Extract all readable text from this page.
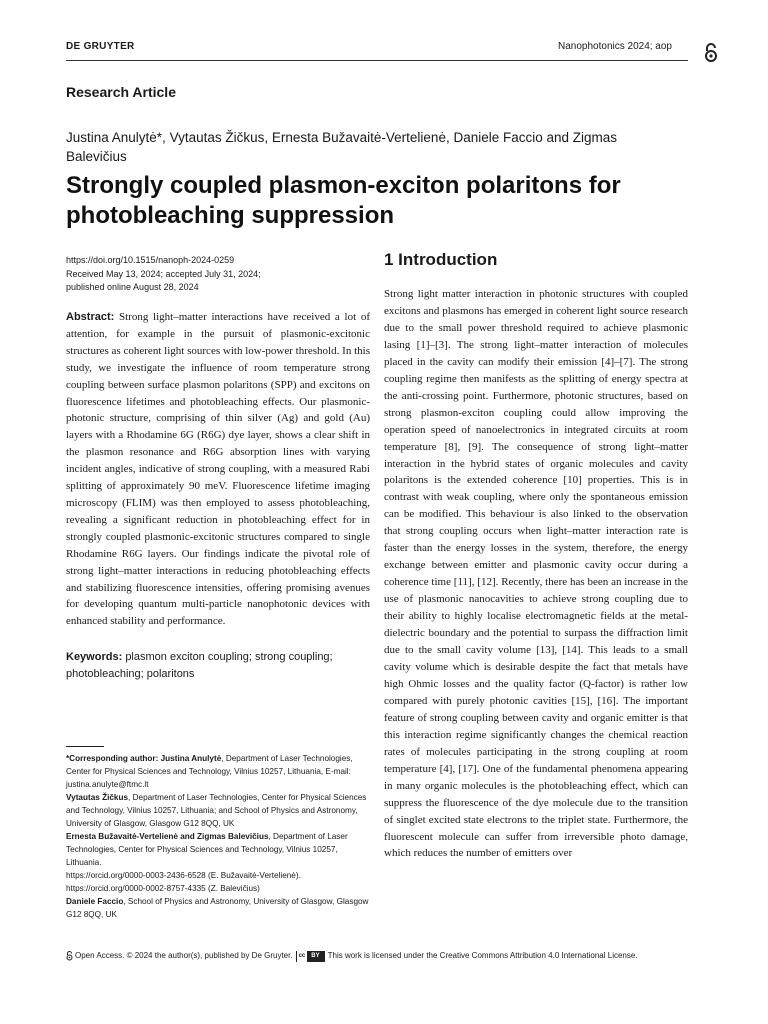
DE GRUYTER	Nanophotonics 2024; aop
Research Article
Justina Anulytė*, Vytautas Žičkus, Ernesta Bužavaitė-Vertelienė, Daniele Faccio and Zigmas Balevičius
Strongly coupled plasmon-exciton polaritons for photobleaching suppression
https://doi.org/10.1515/nanoph-2024-0259
Received May 13, 2024; accepted July 31, 2024;
published online August 28, 2024

Abstract: Strong light–matter interactions have received a lot of attention, for example in the pursuit of plasmonic-excitonic structures as coherent light sources with low-power threshold. In this study, we investigate the influence of room temperature strong coupling between surface plasmon polaritons (SPP) and excitons on fluorescence lifetimes and photobleaching effects. Our plasmonic-photonic structure, comprising of thin silver (Ag) and gold (Au) layers with a Rhodamine 6G (R6G) dye layer, shows a clear shift in the plasmon resonance and R6G absorption lines with varying incident angles, indicative of strong coupling, with a measured Rabi splitting of approximately 90 meV. Fluorescence lifetime imaging microscopy (FLIM) was then employed to assess photobleaching, revealing a significant reduction in photobleaching effect for in strongly coupled plasmonic-excitonic structures compared to single Rhodamine R6G layers. Our findings indicate the pivotal role of strong light–matter interactions in reducing photobleaching effects and stabilizing fluorescence intensities, offering promising avenues for developing quantum multi-particle nanophotonic devices with enhanced stability and performance.

Keywords: plasmon exciton coupling; strong coupling; photobleaching; polaritons

*Corresponding author: Justina Anulytė, Department of Laser Technologies, Center for Physical Sciences and Technology, Vilnius 10257, Lithuania, E-mail: justina.anulyte@ftmc.lt

Vytautas Žičkus, Department of Laser Technologies, Center for Physical Sciences and Technology, Vilnius 10257, Lithuania; and School of Physics and Astronomy, University of Glasgow, Glasgow G12 8QQ, UK

Ernesta Bužavaitė-Vertelienė and Zigmas Balevičius, Department of Laser Technologies, Center for Physical Sciences and Technology, Vilnius 10257, Lithuania.

https://orcid.org/0000-0003-2436-6528 (E. Bužavaitė-Vertelienė).

https://orcid.org/0000-0002-8757-4335 (Z. Balevičius)

Daniele Faccio, School of Physics and Astronomy, University of Glasgow, Glasgow G12 8QQ, UK

1 Introduction

Strong light matter interaction in photonic structures with coupled excitons and plasmons has emerged in coherent light source research due to the small power threshold required to achieve plasmonic lasing [1]–[3]. The strong light–matter interaction of molecules placed in the cavity can modify their emission [4]–[7]. The strong coupling regime then manifests as the splitting of energy spectra at the anti-crossing point. Furthermore, photonic structures, based on strong plasmon-exciton coupling could allow improving the operation speed of nanoelectronics in integrated circuits at room temperature [8], [9]. The consequence of strong light–matter interaction in the hybrid states of organic molecules and cavity polaritons is the extended coherence [10] properties. This is in contrast with weak coupling, where only the spontaneous emission can be modified. This behaviour is also linked to the observation that strong coupling occurs when light–matter interaction rate is faster than the energy losses in the system, therefore, the energy exchange between emitter and plasmonic cavity occur during a coherence time [11], [12]. Recently, there has been an increase in the use of plasmonic nanocavities to achieve strong coupling due to their ability to highly localise electromagnetic fields at the metal-dielectric boundary and the potential to surpass the diffraction limit due to the small cavity volume [13], [14]. This leads to a small cavity volume which is desirable despite the fact that metals have high Ohmic losses and the quality factor (Q-factor) is rather low compared with purely photonic cavities [15], [16]. The important feature of strong coupling between cavity and organic emitter is that this interaction regime significantly changes the chemical reaction rates of molecules participating in the strong coupling at room temperature [4], [17]. One of the fundamental phenomena appearing in many organic molecules is the photobleaching effect, which can suppress the fluorescence of the dye molecule due to the transition of singlet excited state electrons to the triplet state. Furthermore, the fluorescent molecule can suffer from irreversible photo damage, which reduces the number of emitters over

Open Access. © 2024 the author(s), published by De Gruyter.	cc	BY	This work is licensed under the Creative Commons Attribution 4.0 International License.
